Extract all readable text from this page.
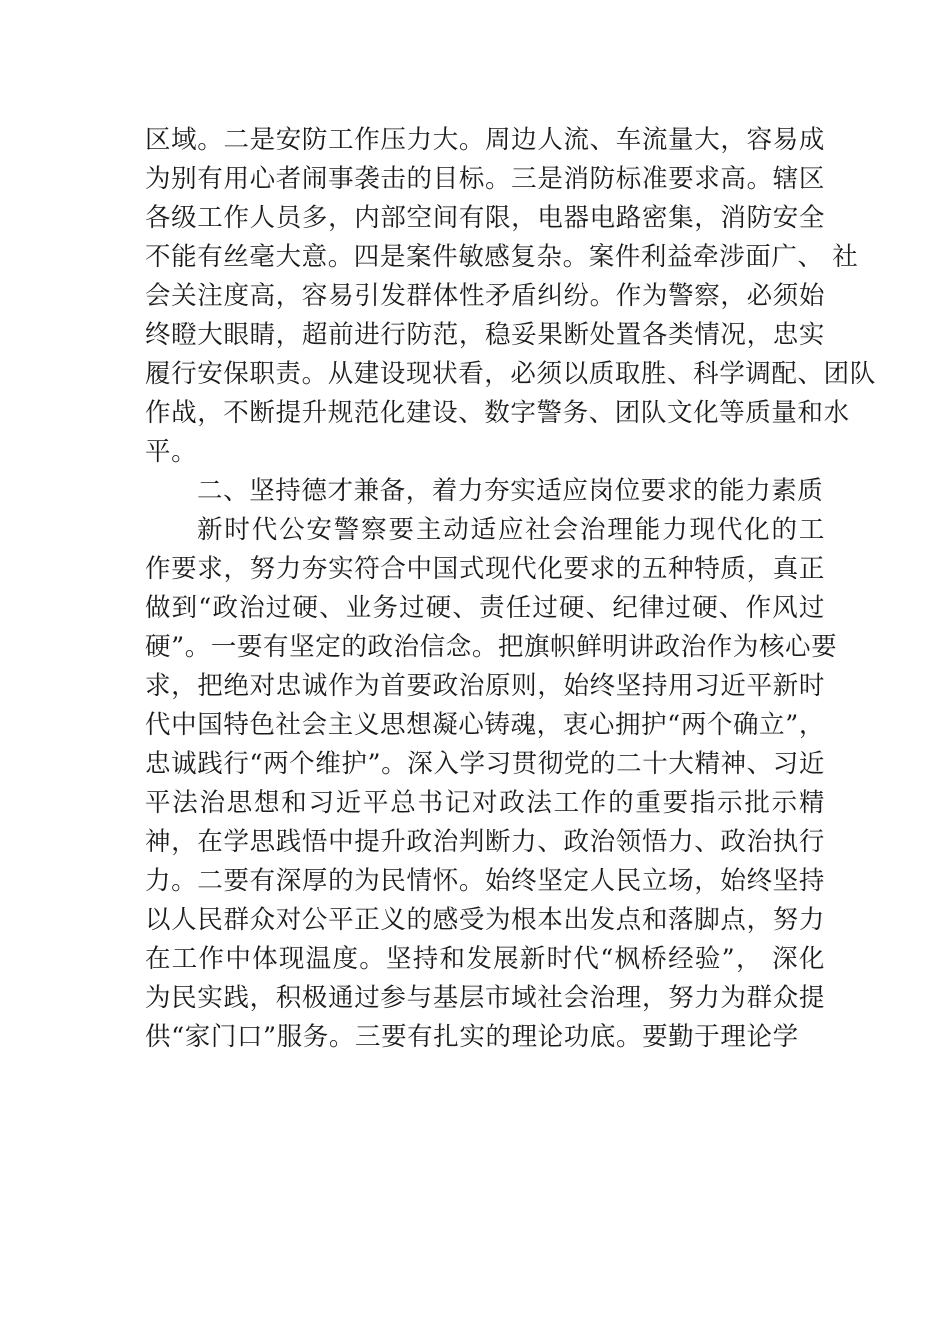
区域。二是安防工作压力大。周边人流、车流量大，容易成
为别有用心者闹事袭击的目标。三是消防标准要求高。辖区
各级工作人员多，内部空间有限，电器电路密集，消防安全
不能有丝毫大意。四是案件敏感复杂。案件利益牵涉面广、 社
会关注度高，容易引发群体性矛盾纠纷。作为警察，必须始
终瞪大眼睛，超前进行防范，稳妥果断处置各类情况，忠实
履行安保职责。从建设现状看，必须以质取胜、科学调配、团队
作战，不断提升规范化建设、数字警务、团队文化等质量和水
平。
二、坚持德才兼备，着力夯实适应岗位要求的能力素质
新时代公安警察要主动适应社会治理能力现代化的工
作要求，努力夯实符合中国式现代化要求的五种特质，真正
做到“政治过硬、业务过硬、责任过硬、纪律过硬、作风过
硬”。一要有坚定的政治信念。把旗帜鲜明讲政治作为核心要
求，把绝对忠诚作为首要政治原则，始终坚持用习近平新时
代中国特色社会主义思想凝心铸魂，衷心拥护“两个确立”，
忠诚践行“两个维护”。深入学习贯彻党的二十大精神、习近
平法治思想和习近平总书记对政法工作的重要指示批示精
神，在学思践悟中提升政治判断力、政治领悟力、政治执行
力。二要有深厚的为民情怀。始终坚定人民立场，始终坚持
以人民群众对公平正义的感受为根本出发点和落脚点，努力
在工作中体现温度。坚持和发展新时代“枫桥经验”， 深化
为民实践，积极通过参与基层市域社会治理，努力为群众提
供“家门口”服务。三要有扎实的理论功底。要勤于理论学
